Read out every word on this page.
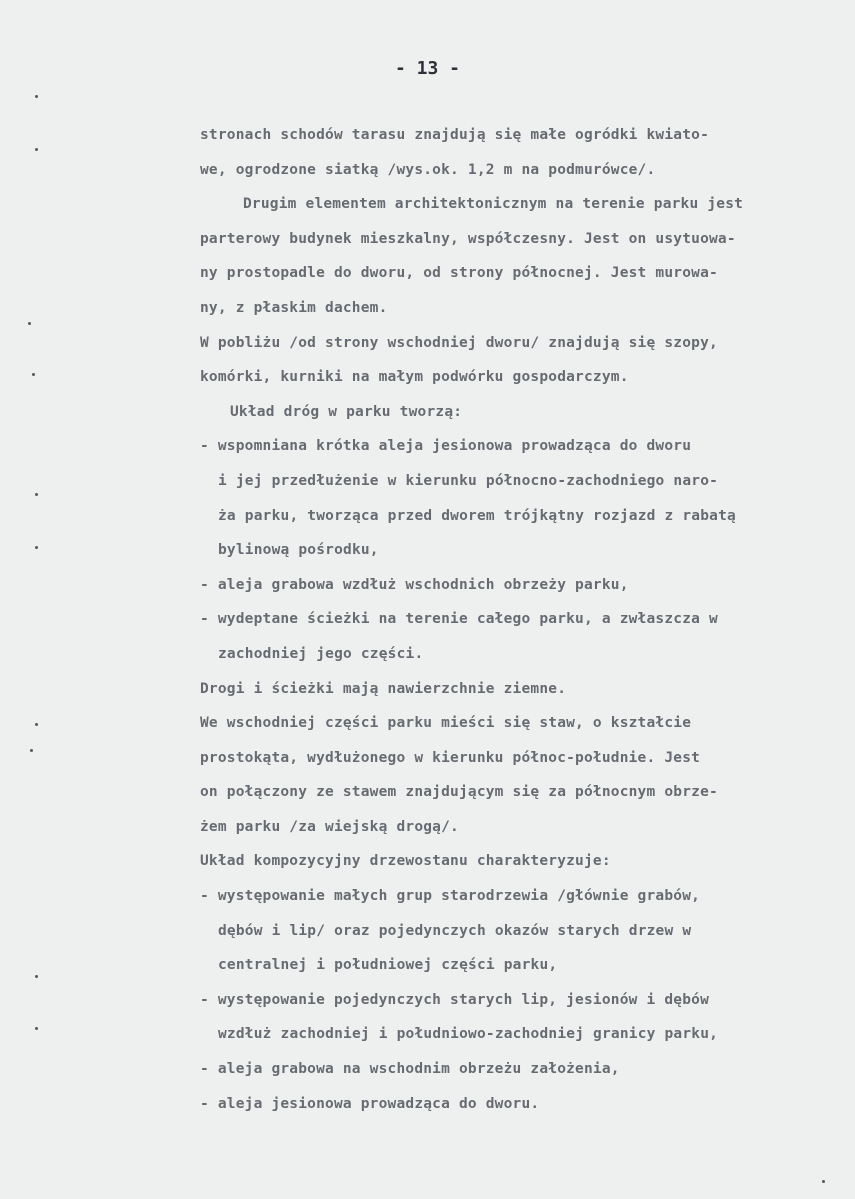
- 13 -
stronach schodów tarasu znajdują się małe ogródki kwiato-
we, ogrodzone siatką /wys.ok. 1,2 m na podmurówce/.
Drugim elementem architektonicznym na terenie parku jest
parterowy budynek mieszkalny, współczesny. Jest on usytuowa-
ny prostopadle do dworu, od strony północnej. Jest murowa-
ny, z płaskim dachem.
W pobliżu /od strony wschodniej dworu/ znajdują się szopy,
komórki, kurniki na małym podwórku gospodarczym.
Układ dróg w parku tworzą:
- wspomniana krótka aleja jesionowa prowadząca do dworu
i jej przedłużenie w kierunku północno-zachodniego naro-
ża parku, tworząca przed dworem trójkątny rozjazd z rabatą
bylinową pośrodku,
- aleja grabowa wzdłuż wschodnich obrzeży parku,
- wydeptane ścieżki na terenie całego parku, a zwłaszcza w
zachodniej jego części.
Drogi i ścieżki mają nawierzchnie ziemne.
We wschodniej części parku mieści się staw, o kształcie
prostokąta, wydłużonego w kierunku północ-południe. Jest
on połączony ze stawem znajdującym się za północnym obrze-
żem parku /za wiejską drogą/.
Układ kompozycyjny drzewostanu charakteryzuje:
- występowanie małych grup starodrzewia /głównie grabów,
dębów i lip/ oraz pojedynczych okazów starych drzew w
centralnej i południowej części parku,
- występowanie pojedynczych starych lip, jesionów i dębów
wzdłuż zachodniej i południowo-zachodniej granicy parku,
- aleja grabowa na wschodnim obrzeżu założenia,
- aleja jesionowa prowadząca do dworu.
